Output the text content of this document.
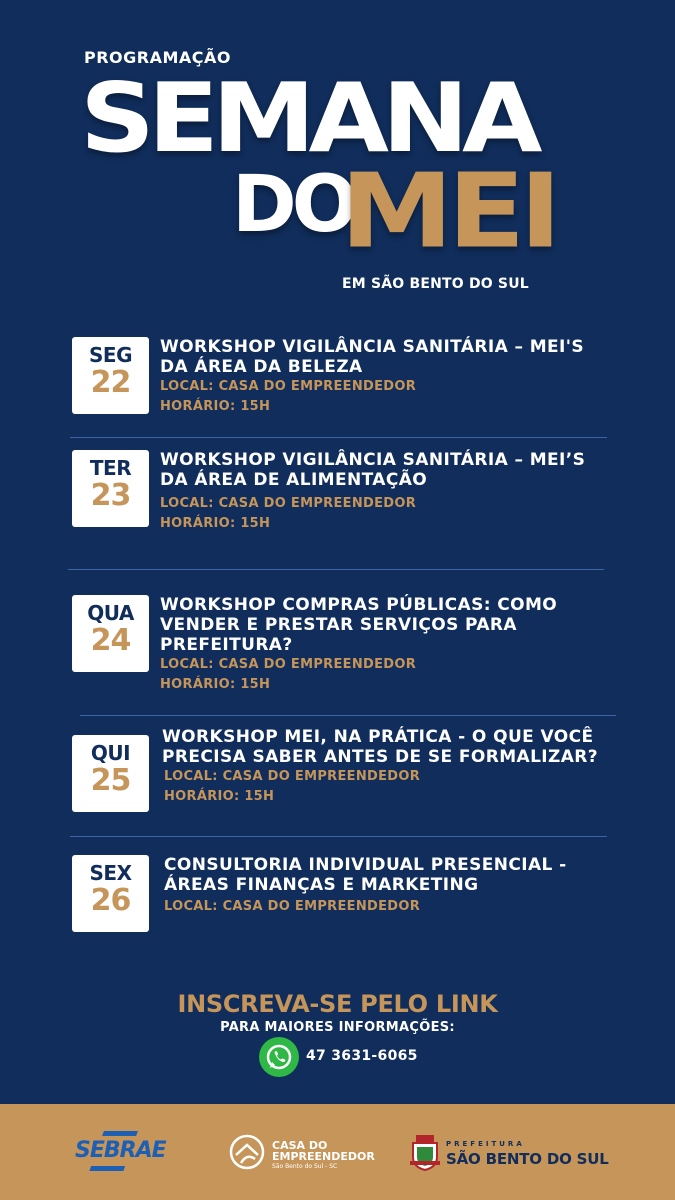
PROGRAMAÇÃO
SEMANA
DO
MEI
EM SÃO BENTO DO SUL
SEG
22
WORKSHOP VIGILÂNCIA SANITÁRIA – MEI'S DA ÁREA DA BELEZA
LOCAL: CASA DO EMPREENDEDOR
HORÁRIO: 15H
TER
23
WORKSHOP VIGILÂNCIA SANITÁRIA – MEI’S DA ÁREA DE ALIMENTAÇÃO
LOCAL: CASA DO EMPREENDEDOR
HORÁRIO: 15H
QUA
24
WORKSHOP COMPRAS PÚBLICAS: COMO VENDER E PRESTAR SERVIÇOS PARA PREFEITURA?
LOCAL: CASA DO EMPREENDEDOR
HORÁRIO: 15H
QUI
25
WORKSHOP MEI, NA PRÁTICA - O QUE VOCÊ PRECISA SABER ANTES DE SE FORMALIZAR?
LOCAL: CASA DO EMPREENDEDOR
HORÁRIO: 15H
SEX
26
CONSULTORIA INDIVIDUAL PRESENCIAL - ÁREAS FINANÇAS E MARKETING
LOCAL: CASA DO EMPREENDEDOR
INSCREVA-SE PELO LINK
PARA MAIORES INFORMAÇÕES:
47 3631-6065
SEBRAE	CASA DO
EMPREENDEDOR
São Bento do Sul - SC
PREFEITURA
SÃO BENTO DO SUL
